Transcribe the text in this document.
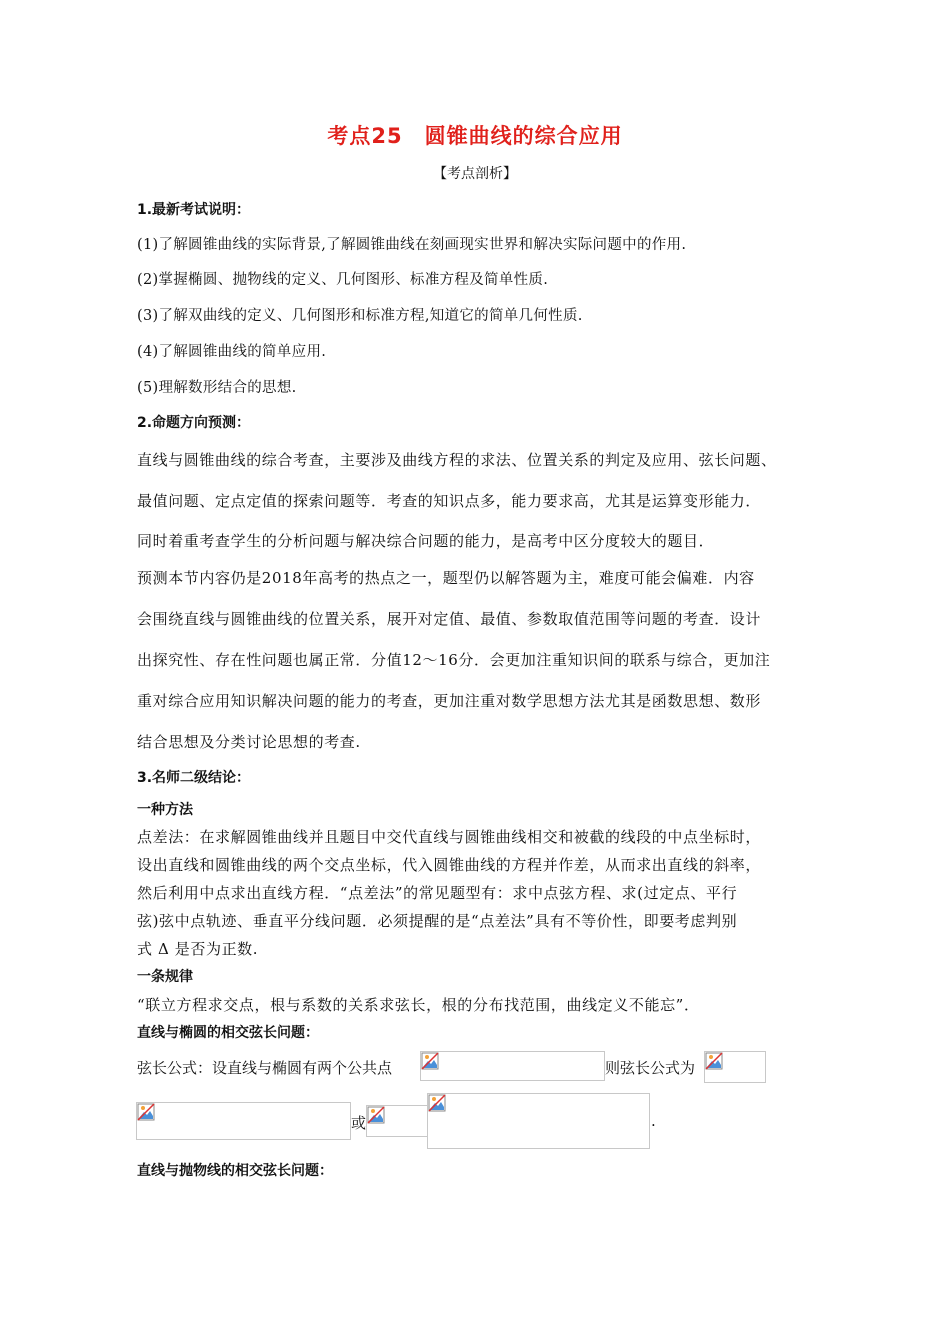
考点25　圆锥曲线的综合应用
【考点剖析】
1.最新考试说明：
(1)了解圆锥曲线的实际背景,了解圆锥曲线在刻画现实世界和解决实际问题中的作用.
(2)掌握椭圆、抛物线的定义、几何图形、标准方程及简单性质.
(3)了解双曲线的定义、几何图形和标准方程,知道它的简单几何性质.
(4)了解圆锥曲线的简单应用.
(5)理解数形结合的思想.
2.命题方向预测：
直线与圆锥曲线的综合考查，主要涉及曲线方程的求法、位置关系的判定及应用、弦长问题、
最值问题、定点定值的探索问题等．考查的知识点多，能力要求高，尤其是运算变形能力．
同时着重考查学生的分析问题与解决综合问题的能力，是高考中区分度较大的题目．
预测本节内容仍是2018年高考的热点之一，题型仍以解答题为主，难度可能会偏难．内容
会围绕直线与圆锥曲线的位置关系，展开对定值、最值、参数取值范围等问题的考查．设计
出探究性、存在性问题也属正常．分值12～16分．会更加注重知识间的联系与综合，更加注
重对综合应用知识解决问题的能力的考查，更加注重对数学思想方法尤其是函数思想、数形
结合思想及分类讨论思想的考查.
3.名师二级结论：
一种方法
点差法：在求解圆锥曲线并且题目中交代直线与圆锥曲线相交和被截的线段的中点坐标时，
设出直线和圆锥曲线的两个交点坐标，代入圆锥曲线的方程并作差，从而求出直线的斜率，
然后利用中点求出直线方程．“点差法”的常见题型有：求中点弦方程、求(过定点、平行
弦)弦中点轨迹、垂直平分线问题．必须提醒的是“点差法”具有不等价性，即要考虑判别
式 Δ 是否为正数.
一条规律
“联立方程求交点，根与系数的关系求弦长，根的分布找范围，曲线定义不能忘”．
直线与椭圆的相交弦长问题：
弦长公式：设直线与椭圆有两个公共点	则弦长公式为
或	.
直线与抛物线的相交弦长问题：
